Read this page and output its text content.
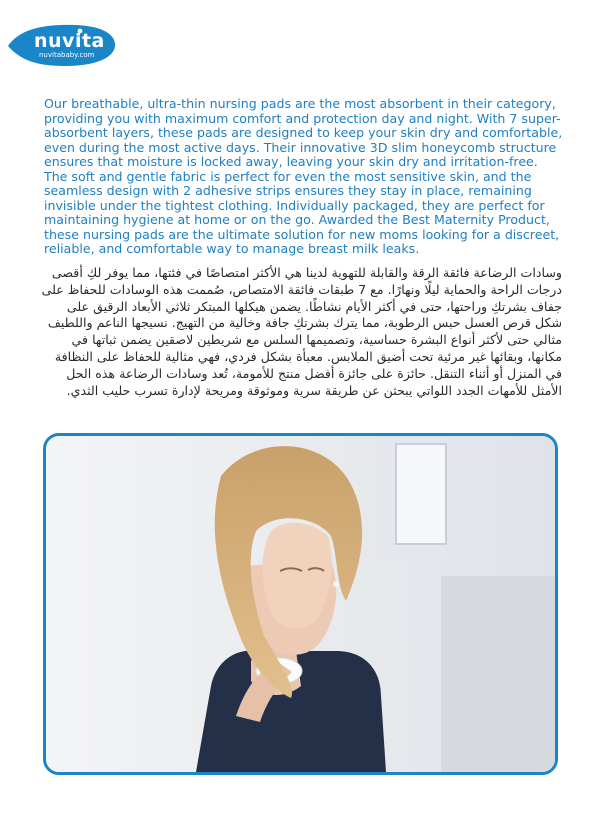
nuvita
nuvitababy.com

Our breathable, ultra-thin nursing pads are the most absorbent in their category, providing you with maximum comfort and protection day and night. With 7 super-absorbent layers, these pads are designed to keep your skin dry and comfortable, even during the most active days. Their innovative 3D slim honeycomb structure ensures that moisture is locked away, leaving your skin dry and irritation-free. The soft and gentle fabric is perfect for even the most sensitive skin, and the seamless design with 2 adhesive strips ensures they stay in place, remaining invisible under the tightest clothing. Individually packaged, they are perfect for maintaining hygiene at home or on the go. Awarded the Best Maternity Product, these nursing pads are the ultimate solution for new moms looking for a discreet, reliable, and comfortable way to manage breast milk leaks.

وسادات الرضاعة فائقة الرقة والقابلة للتهوية لدينا هي الأكثر امتصاصًا في فئتها، مما يوفر لكِ أقصى درجات الراحة والحماية ليلًا ونهارًا. مع 7 طبقات فائقة الامتصاص، صُممت هذه الوسادات للحفاظ على جفاف بشرتكِ وراحتها، حتى في أكثر الأيام نشاطًا. يضمن هيكلها المبتكر ثلاثي الأبعاد الرقيق على شكل قرص العسل حبس الرطوبة، مما يترك بشرتكِ جافة وخالية من التهيج. نسيجها الناعم واللطيف مثالي حتى لأكثر أنواع البشرة حساسية، وتصميمها السلس مع شريطين لاصقين يضمن ثباتها في مكانها، وبقائها غير مرئية تحت أضيق الملابس. معبأة بشكل فردي، فهي مثالية للحفاظ على النظافة في المنزل أو أثناء التنقل. حائزة على جائزة أفضل منتج للأمومة، تُعد وسادات الرضاعة هذه الحل الأمثل للأمهات الجدد اللواتي يبحثن عن طريقة سرية وموثوقة ومريحة لإدارة تسرب حليب الثدي.
